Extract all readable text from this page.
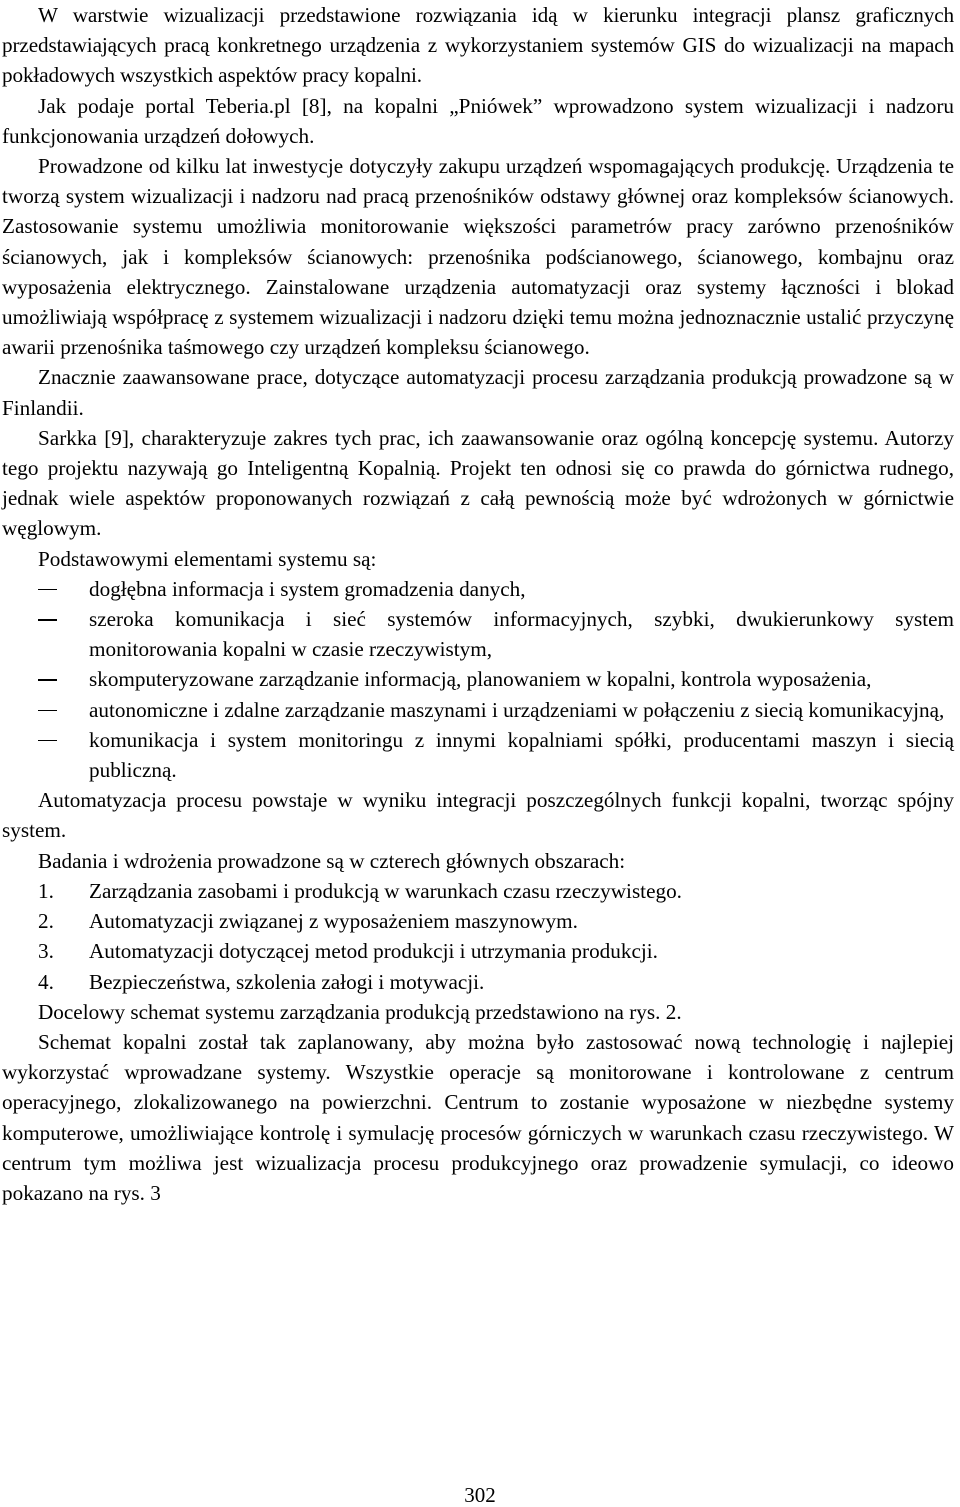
W warstwie wizualizacji przedstawione rozwiązania idą w kierunku integracji plansz graficznych przedstawiających pracą konkretnego urządzenia z wykorzystaniem systemów GIS do wizualizacji na mapach pokładowych wszystkich aspektów pracy kopalni.

Jak podaje portal Teberia.pl [8], na kopalni „Pniówek” wprowadzono system wizualizacji i nadzoru funkcjonowania urządzeń dołowych.

Prowadzone od kilku lat inwestycje dotyczyły zakupu urządzeń wspomagających produkcję. Urządzenia te tworzą system wizualizacji i nadzoru nad pracą przenośników odstawy głównej oraz kompleksów ścianowych. Zastosowanie systemu umożliwia monitorowanie większości parametrów pracy zarówno przenośników ścianowych, jak i kompleksów ścianowych: przenośnika podścianowego, ścianowego, kombajnu oraz wyposażenia elektrycznego. Zainstalowane urządzenia automatyzacji oraz systemy łączności i blokad umożliwiają współpracę z systemem wizualizacji i nadzoru dzięki temu można jednoznacznie ustalić przyczynę awarii przenośnika taśmowego czy urządzeń kompleksu ścianowego.

Znacznie zaawansowane prace, dotyczące automatyzacji procesu zarządzania produkcją prowadzone są w Finlandii.

Sarkka [9], charakteryzuje zakres tych prac, ich zaawansowanie oraz ogólną koncepcję systemu. Autorzy tego projektu nazywają go Inteligentną Kopalnią. Projekt ten odnosi się co prawda do górnictwa rudnego, jednak wiele aspektów proponowanych rozwiązań z całą pewnością może być wdrożonych w górnictwie węglowym.

Podstawowymi elementami systemu są:

dogłębna informacja i system gromadzenia danych,
szeroka komunikacja i sieć systemów informacyjnych, szybki, dwukierunkowy system monitorowania kopalni w czasie rzeczywistym,
skomputeryzowane zarządzanie informacją, planowaniem w kopalni, kontrola wyposażenia,
autonomiczne i zdalne zarządzanie maszynami i urządzeniami w połączeniu z siecią komunikacyjną,
komunikacja i system monitoringu z innymi kopalniami spółki, producentami maszyn i siecią publiczną.

Automatyzacja procesu powstaje w wyniku integracji poszczególnych funkcji kopalni, tworząc spójny system.

Badania i wdrożenia prowadzone są w czterech głównych obszarach:

1. Zarządzania zasobami i produkcją w warunkach czasu rzeczywistego.
2. Automatyzacji związanej z wyposażeniem maszynowym.
3. Automatyzacji dotyczącej metod produkcji i utrzymania produkcji.
4. Bezpieczeństwa, szkolenia załogi i motywacji.

Docelowy schemat systemu zarządzania produkcją przedstawiono na rys. 2.

Schemat kopalni został tak zaplanowany, aby można było zastosować nową technologię i najlepiej wykorzystać wprowadzane systemy. Wszystkie operacje są monitorowane i kontrolowane z centrum operacyjnego, zlokalizowanego na powierzchni. Centrum to zostanie wyposażone w niezbędne systemy komputerowe, umożliwiające kontrolę i symulację procesów górniczych w warunkach czasu rzeczywistego. W centrum tym możliwa jest wizualizacja procesu produkcyjnego oraz prowadzenie symulacji, co ideowo pokazano na rys. 3

302
